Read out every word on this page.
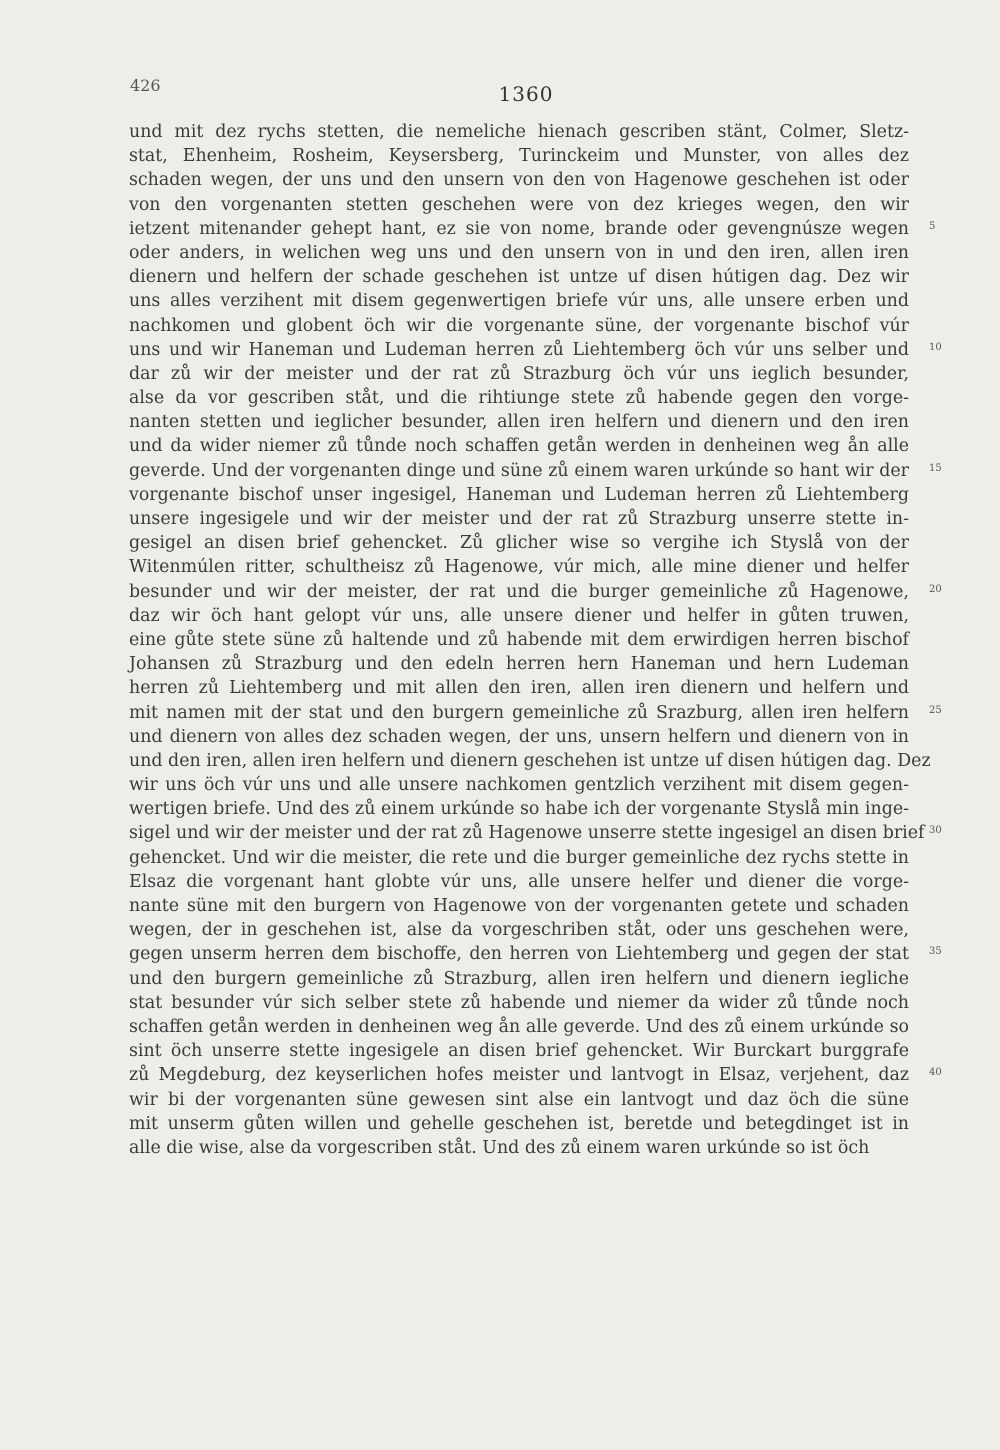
426	1360
und mit dez rychs stetten, die nemeliche hienach gescriben stänt, Colmer, Sletz-
stat, Ehenheim, Rosheim, Keysersberg, Turinckeim und Munster, von alles dez
schaden wegen, der uns und den unsern von den von Hagenowe geschehen ist oder
von den vorgenanten stetten geschehen were von dez krieges wegen, den wir
ietzent mitenander gehept hant, ez sie von nome, brande oder gevengnúsze wegen 5
oder anders, in welichen weg uns und den unsern von in und den iren, allen iren
dienern und helfern der schade geschehen ist untze uf disen hútigen dag. Dez wir
uns alles verzihent mit disem gegenwertigen briefe vúr uns, alle unsere erben und
nachkomen und globent öch wir die vorgenante süne, der vorgenante bischof vúr
uns und wir Haneman und Ludeman herren zů Liehtemberg öch vúr uns selber und 10
dar zů wir der meister und der rat zů Strazburg öch vúr uns ieglich besunder,
alse da vor gescriben ståt, und die rihtiunge stete zů habende gegen den vorge-
nanten stetten und ieglicher besunder, allen iren helfern und dienern und den iren
und da wider niemer zů tůnde noch schaffen getån werden in denheinen weg ån alle
geverde. Und der vorgenanten dinge und süne zů einem waren urkúnde so hant wir der 15
vorgenante bischof unser ingesigel, Haneman und Ludeman herren zů Liehtemberg
unsere ingesigele und wir der meister und der rat zů Strazburg unserre stette in-
gesigel an disen brief gehencket. Zů glicher wise so vergihe ich Styslå von der
Witenmúlen ritter, schultheisz zů Hagenowe, vúr mich, alle mine diener und helfer
besunder und wir der meister, der rat und die burger gemeinliche zů Hagenowe, 20
daz wir öch hant gelopt vúr uns, alle unsere diener und helfer in gůten truwen,
eine gůte stete süne zů haltende und zů habende mit dem erwirdigen herren bischof
Johansen zů Strazburg und den edeln herren hern Haneman und hern Ludeman
herren zů Liehtemberg und mit allen den iren, allen iren dienern und helfern und
mit namen mit der stat und den burgern gemeinliche zů Srazburg, allen iren helfern 25
und dienern von alles dez schaden wegen, der uns, unsern helfern und dienern von in
und den iren, allen iren helfern und dienern geschehen ist untze uf disen hútigen dag. Dez
wir uns öch vúr uns und alle unsere nachkomen gentzlich verzihent mit disem gegen-
wertigen briefe. Und des zů einem urkúnde so habe ich der vorgenante Styslå min inge-
sigel und wir der meister und der rat zů Hagenowe unserre stette ingesigel an disen brief 30
gehencket. Und wir die meister, die rete und die burger gemeinliche dez rychs stette in
Elsaz die vorgenant hant globte vúr uns, alle unsere helfer und diener die vorge-
nante süne mit den burgern von Hagenowe von der vorgenanten getete und schaden
wegen, der in geschehen ist, alse da vorgeschriben ståt, oder uns geschehen were,
gegen unserm herren dem bischoffe, den herren von Liehtemberg und gegen der stat 35
und den burgern gemeinliche zů Strazburg, allen iren helfern und dienern iegliche
stat besunder vúr sich selber stete zů habende und niemer da wider zů tůnde noch
schaffen getån werden in denheinen weg ån alle geverde. Und des zů einem urkúnde so
sint öch unserre stette ingesigele an disen brief gehencket. Wir Burckart burggrafe
zů Megdeburg, dez keyserlichen hofes meister und lantvogt in Elsaz, verjehent, daz 40
wir bi der vorgenanten süne gewesen sint alse ein lantvogt und daz öch die süne
mit unserm gůten willen und gehelle geschehen ist, beretde und betegdinget ist in
alle die wise, alse da vorgescriben ståt. Und des zů einem waren urkúnde so ist öch
